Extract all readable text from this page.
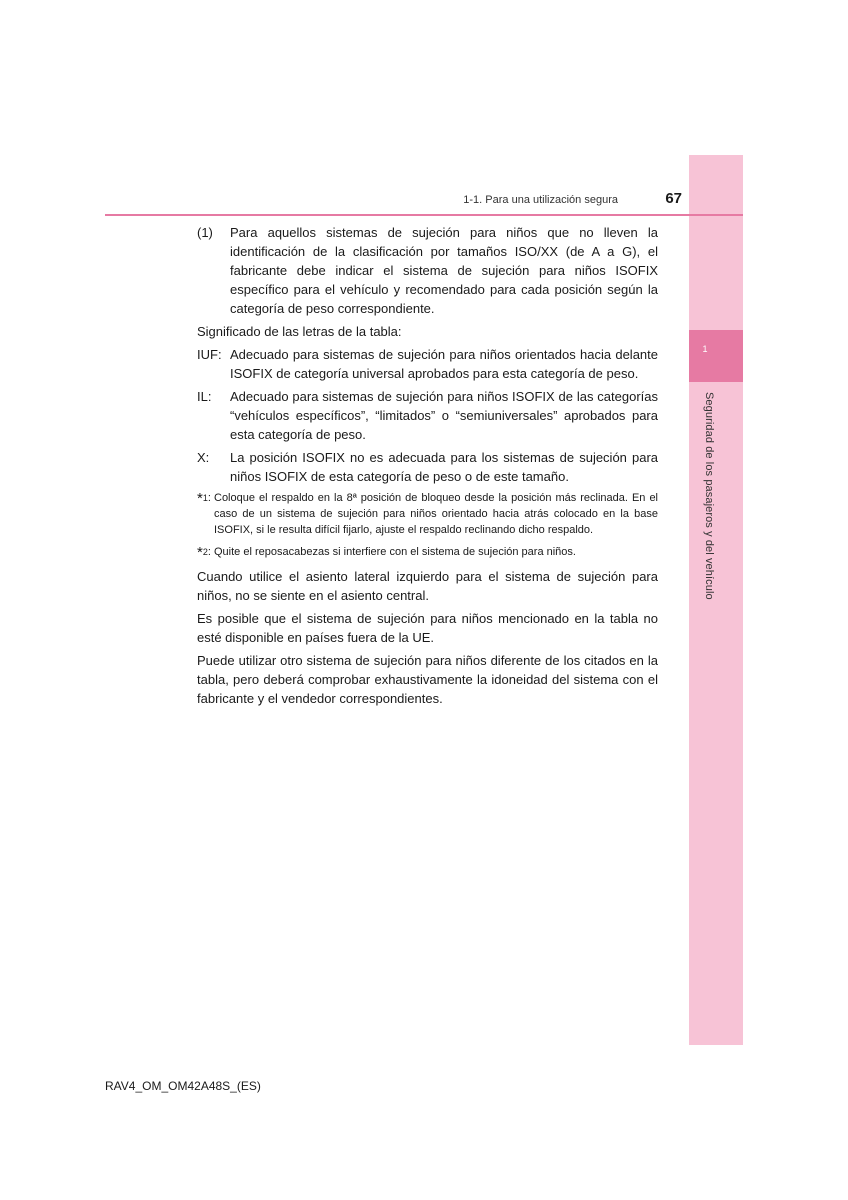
1
Seguridad de los pasajeros y del vehículo
1-1. Para una utilización segura	67
(1)	Para aquellos sistemas de sujeción para niños que no lleven la identificación de la clasificación por tamaños ISO/XX (de A a G), el fabricante debe indicar el sistema de sujeción para niños ISOFIX específico para el vehículo y recomendado para cada posición según la categoría de peso correspondiente.

Significado de las letras de la tabla:

IUF: Adecuado para sistemas de sujeción para niños orientados hacia delante ISOFIX de categoría universal aprobados para esta categoría de peso.
IL:	Adecuado para sistemas de sujeción para niños ISOFIX de las categorías “vehículos específicos”, “limitados” o “semiuniversales” aprobados para esta categoría de peso.
X:	La posición ISOFIX no es adecuada para los sistemas de sujeción para niños ISOFIX de esta categoría de peso o de este tamaño.
*1: Coloque el respaldo en la 8ª posición de bloqueo desde la posición más reclinada. En el caso de un sistema de sujeción para niños orientado hacia atrás colocado en la base ISOFIX, si le resulta difícil fijarlo, ajuste el respaldo reclinando dicho respaldo.
*2: Quite el reposacabezas si interfiere con el sistema de sujeción para niños.

Cuando utilice el asiento lateral izquierdo para el sistema de sujeción para niños, no se siente en el asiento central.

Es posible que el sistema de sujeción para niños mencionado en la tabla no esté disponible en países fuera de la UE.

Puede utilizar otro sistema de sujeción para niños diferente de los citados en la tabla, pero deberá comprobar exhaustivamente la idoneidad del sistema con el fabricante y el vendedor correspondientes.

RAV4_OM_OM42A48S_(ES)
